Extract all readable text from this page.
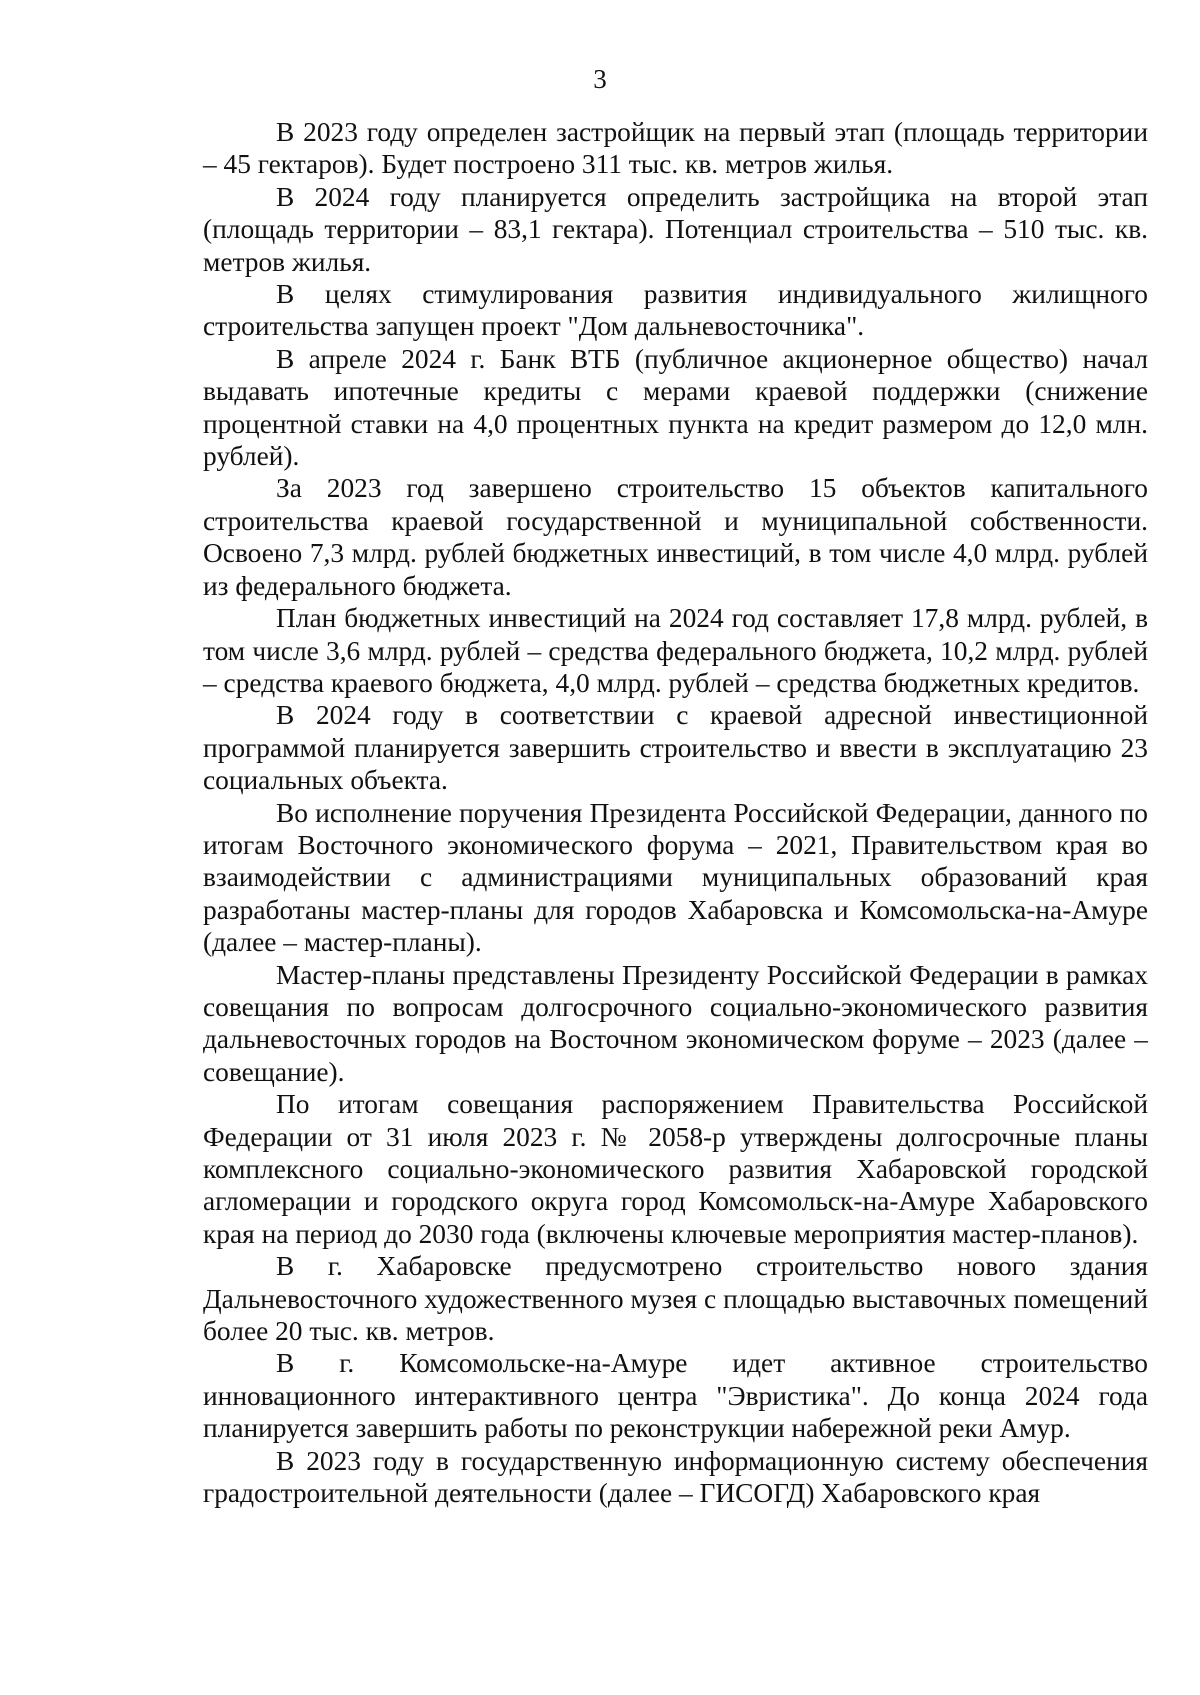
3

В 2023 году определен застройщик на первый этап (площадь территории – 45 гектаров). Будет построено 311 тыс. кв. метров жилья.

В 2024 году планируется определить застройщика на второй этап (площадь территории – 83,1 гектара). Потенциал строительства – 510 тыс. кв. метров жилья.

В целях стимулирования развития индивидуального жилищного строительства запущен проект "Дом дальневосточника".

В апреле 2024 г. Банк ВТБ (публичное акционерное общество) начал выдавать ипотечные кредиты с мерами краевой поддержки (снижение процентной ставки на 4,0 процентных пункта на кредит размером до 12,0 млн. рублей).

За 2023 год завершено строительство 15 объектов капитального строительства краевой государственной и муниципальной собственности. Освоено 7,3 млрд. рублей бюджетных инвестиций, в том числе 4,0 млрд. рублей из федерального бюджета.

План бюджетных инвестиций на 2024 год составляет 17,8 млрд. рублей, в том числе 3,6 млрд. рублей – средства федерального бюджета, 10,2 млрд. рублей – средства краевого бюджета, 4,0 млрд. рублей – средства бюджетных кредитов.

В 2024 году в соответствии с краевой адресной инвестиционной программой планируется завершить строительство и ввести в эксплуатацию 23 социальных объекта.

Во исполнение поручения Президента Российской Федерации, данного по итогам Восточного экономического форума – 2021, Правительством края во взаимодействии с администрациями муниципальных образований края разработаны мастер-планы для городов Хабаровска и Комсомольска-на-Амуре (далее – мастер-планы).

Мастер-планы представлены Президенту Российской Федерации в рамках совещания по вопросам долгосрочного социально-экономического развития дальневосточных городов на Восточном экономическом форуме – 2023 (далее – совещание).

По итогам совещания распоряжением Правительства Российской Федерации от 31 июля 2023 г. № 2058-р утверждены долгосрочные планы комплексного социально-экономического развития Хабаровской городской агломерации и городского округа город Комсомольск-на-Амуре Хабаровского края на период до 2030 года (включены ключевые мероприятия мастер-планов).

В г. Хабаровске предусмотрено строительство нового здания Дальневосточного художественного музея с площадью выставочных помещений более 20 тыс. кв. метров.

В г. Комсомольске-на-Амуре идет активное строительство инновационного интерактивного центра "Эвристика". До конца 2024 года планируется завершить работы по реконструкции набережной реки Амур.

В 2023 году в государственную информационную систему обеспечения градостроительной деятельности (далее – ГИСОГД) Хабаровского края
